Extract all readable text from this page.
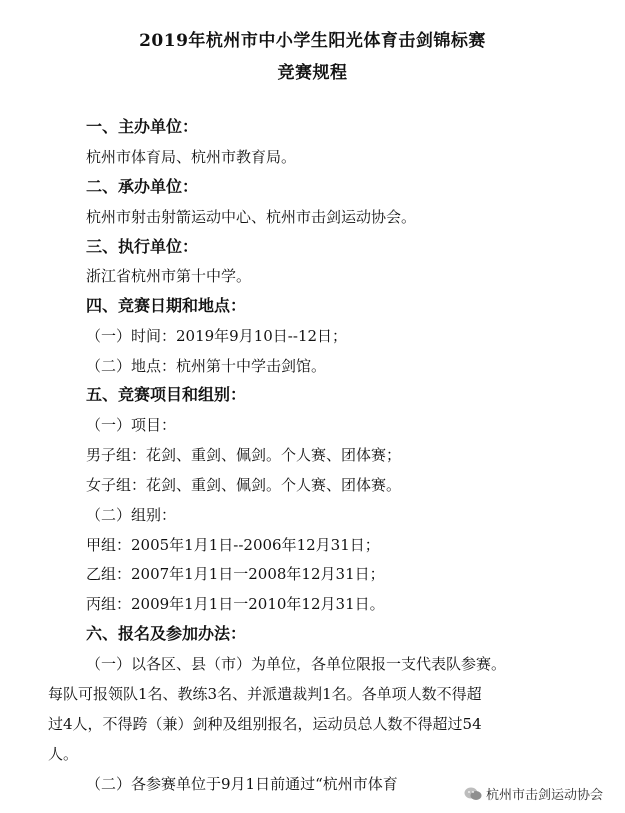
2019年杭州市中小学生阳光体育击剑锦标赛
竞赛规程
一、主办单位：
杭州市体育局、杭州市教育局。
二、承办单位：
杭州市射击射箭运动中心、杭州市击剑运动协会。
三、执行单位：
浙江省杭州市第十中学。
四、竞赛日期和地点：
（一）时间：2019年9月10日--12日；
（二）地点：杭州第十中学击剑馆。
五、竞赛项目和组别：
（一）项目：
男子组：花剑、重剑、佩剑。个人赛、团体赛；
女子组：花剑、重剑、佩剑。个人赛、团体赛。
（二）组别：
甲组：2005年1月1日--2006年12月31日；
乙组：2007年1月1日一2008年12月31日；
丙组：2009年1月1日一2010年12月31日。
六、报名及参加办法：
（一）以各区、县（市）为单位，各单位限报一支代表队参赛。
每队可报领队1名、教练3名、并派遣裁判1名。各单项人数不得超
过4人，不得跨（兼）剑种及组别报名，运动员总人数不得超过54
人。
（二）各参赛单位于9月1日前通过“杭州市体育
杭州市击剑运动协会
